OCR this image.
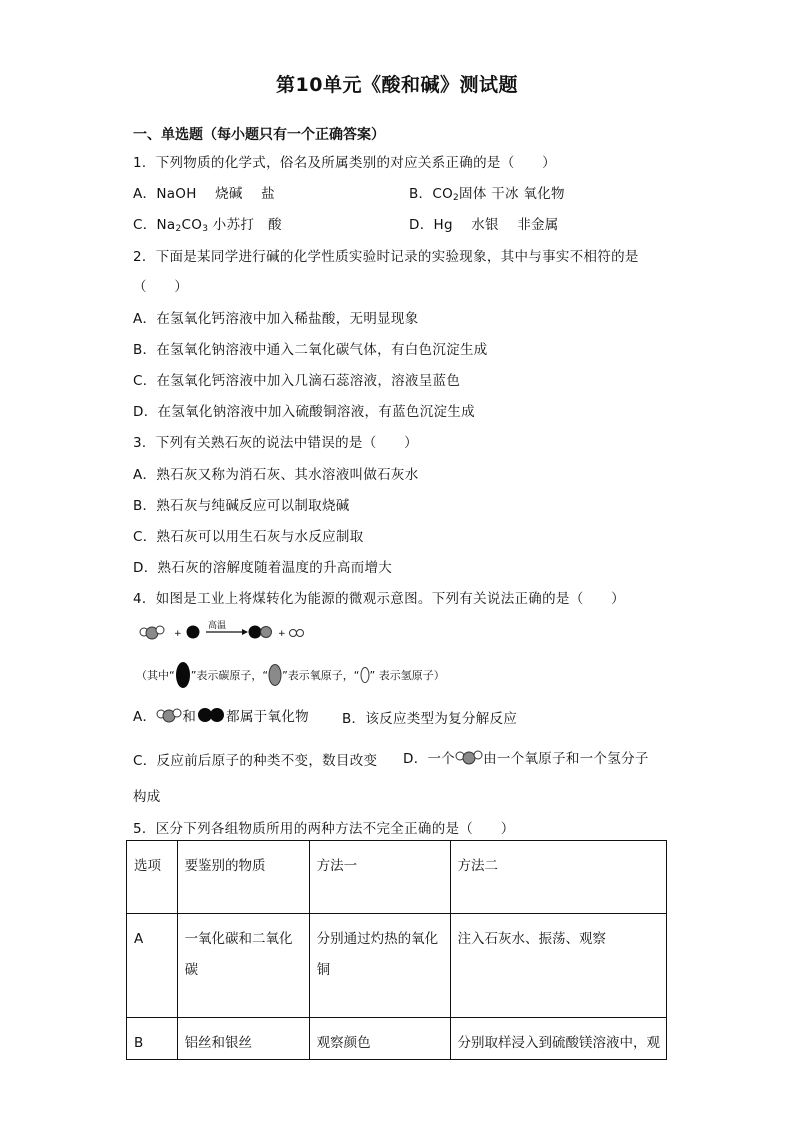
第10单元《酸和碱》测试题
一、单选题（每小题只有一个正确答案）
1．下列物质的化学式，俗名及所属类别的对应关系正确的是（　　）
A．NaOH　 烧碱　 盐	B．$CO_2$固体 干冰 氧化物
C．$Na_2CO_3$ 小苏打　酸	D．Hg　 水银　 非金属
2．下面是某同学进行碱的化学性质实验时记录的实验现象，其中与事实不相符的是
（　　）
A．在氢氧化钙溶液中加入稀盐酸，无明显现象
B．在氢氧化钠溶液中通入二氧化碳气体，有白色沉淀生成
C．在氢氧化钙溶液中加入几滴石蕊溶液，溶液呈蓝色
D．在氢氧化钠溶液中加入硫酸铜溶液，有蓝色沉淀生成
3．下列有关熟石灰的说法中错误的是（　　）
A．熟石灰又称为消石灰、其水溶液叫做石灰水
B．熟石灰与纯碱反应可以制取烧碱
C．熟石灰可以用生石灰与水反应制取
D．熟石灰的溶解度随着温度的升高而增大
4．如图是工业上将煤转化为能源的微观示意图。下列有关说法正确的是（　　）
+
高温
+
（其中“ ”表示碳原子，“ ”表示氧原子，“ ” 表示氢原子）
A． 和 都属于氧化物 B．该反应类型为复分解反应
C．反应前后原子的种类不变，数目改变 D．一个 由一个氧原子和一个氢分子
构成
5．区分下列各组物质所用的两种方法不完全正确的是（　　）
选项	要鉴别的物质	方法一	方法二
A	一氧化碳和二氧化碳	分别通过灼热的氧化铜	注入石灰水、振荡、观察
B	铝丝和银丝	观察颜色	分别取样浸入到硫酸镁溶液中，观
